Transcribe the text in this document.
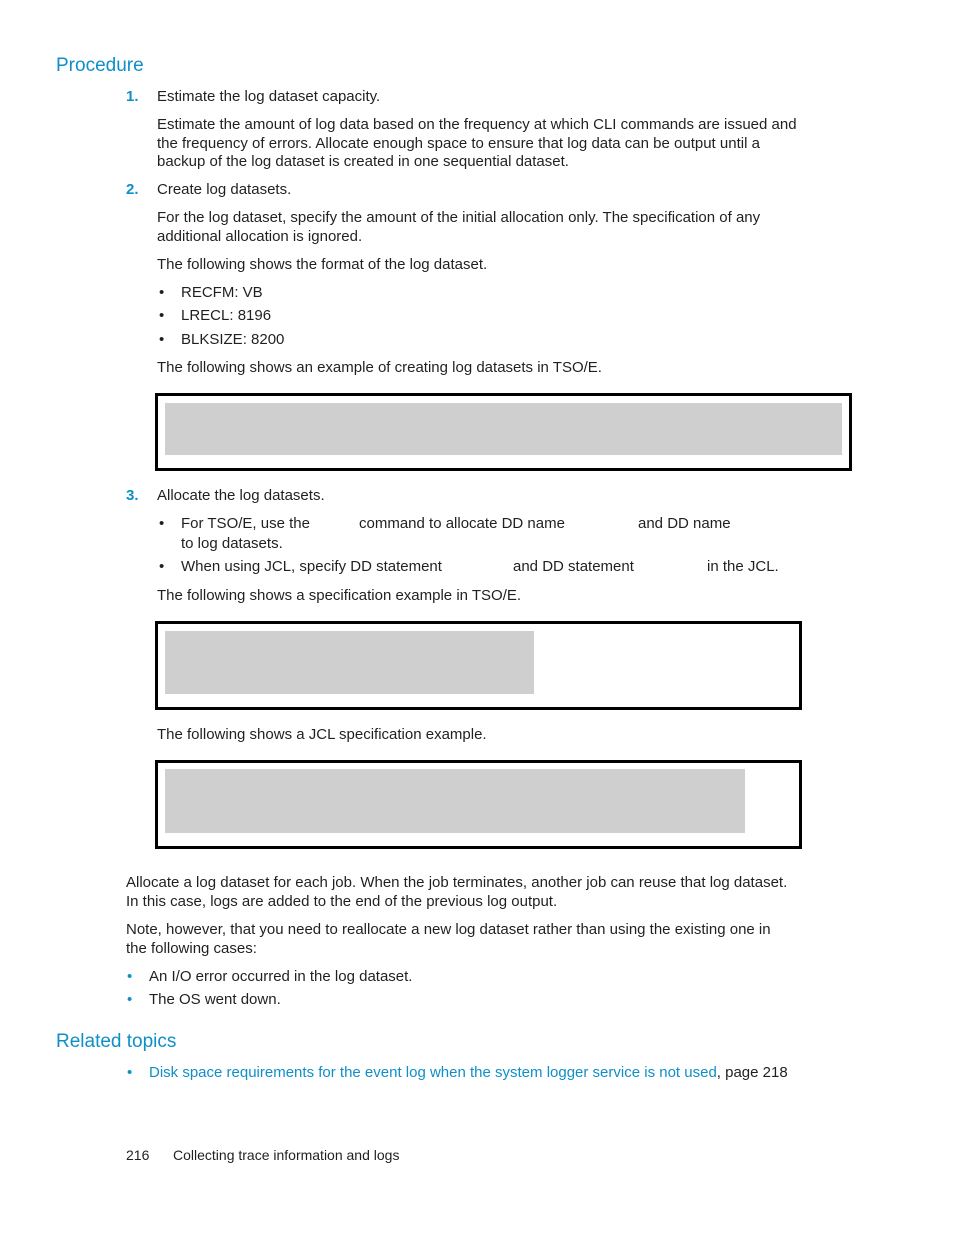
Procedure
1. Estimate the log dataset capacity.
Estimate the amount of log data based on the frequency at which CLI commands are issued and
the frequency of errors. Allocate enough space to ensure that log data can be output until a
backup of the log dataset is created in one sequential dataset.
2. Create log datasets.
For the log dataset, specify the amount of the initial allocation only. The specification of any
additional allocation is ignored.
The following shows the format of the log dataset.
• RECFM: VB
• LRECL: 8196
• BLKSIZE: 8200
The following shows an example of creating log datasets in TSO/E.
3. Allocate the log datasets.
• For TSO/E, use the	command to allocate DD name	and DD name
to log datasets.
• When using JCL, specify DD statement	and DD statement	in the JCL.
The following shows a specification example in TSO/E.
The following shows a JCL specification example.
Allocate a log dataset for each job. When the job terminates, another job can reuse that log dataset.
In this case, logs are added to the end of the previous log output.
Note, however, that you need to reallocate a new log dataset rather than using the existing one in
the following cases:
• An I/O error occurred in the log dataset.
• The OS went down.
Related topics
• Disk space requirements for the event log when the system logger service is not used, page 218
216 Collecting trace information and logs
